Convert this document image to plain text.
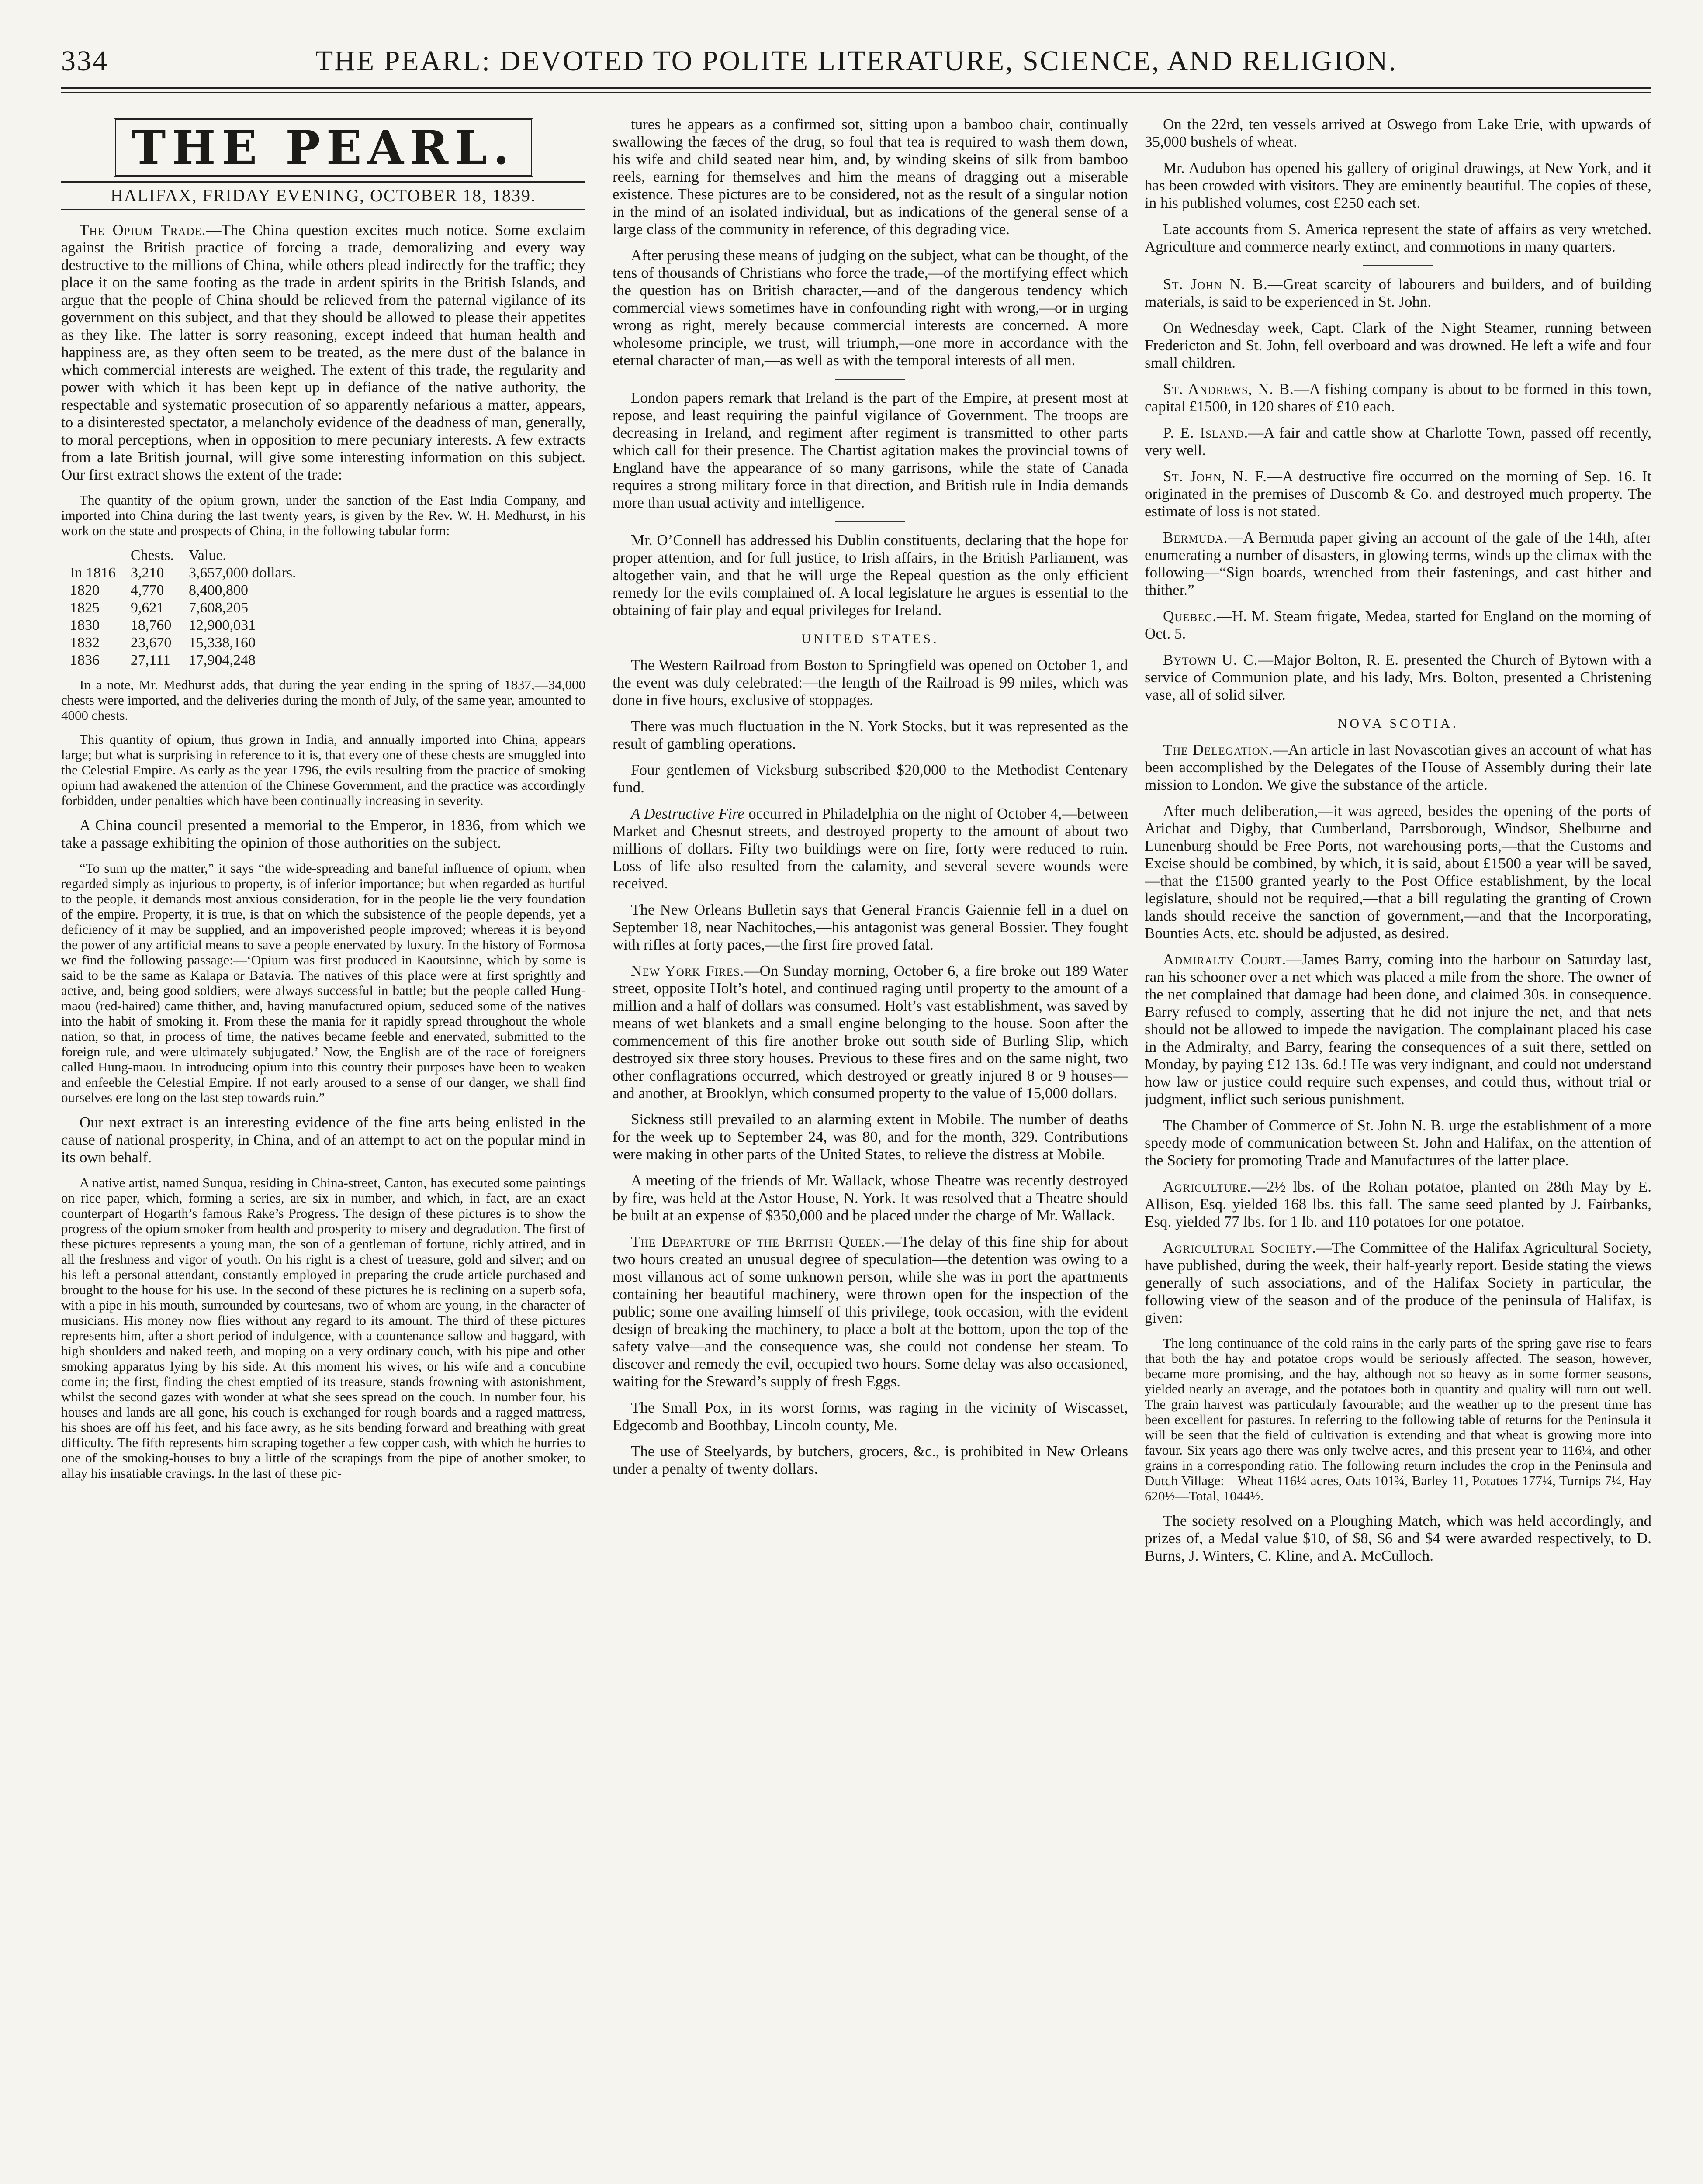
334	THE PEARL: DEVOTED TO POLITE LITERATURE, SCIENCE, AND RELIGION.
THE PEARL.
HALIFAX, FRIDAY EVENING, OCTOBER 18, 1839.

The Opium Trade.—The China question excites much notice. Some exclaim against the British practice of forcing a trade, demoralizing and every way destructive to the millions of China, while others plead indirectly for the traffic; they place it on the same footing as the trade in ardent spirits in the British Islands, and argue that the people of China should be relieved from the paternal vigilance of its government on this subject, and that they should be allowed to please their appetites as they like. The latter is sorry reasoning, except indeed that human health and happiness are, as they often seem to be treated, as the mere dust of the balance in which commercial interests are weighed. The extent of this trade, the regularity and power with which it has been kept up in defiance of the native authority, the respectable and systematic prosecution of so apparently nefarious a matter, appears, to a disinterested spectator, a melancholy evidence of the deadness of man, generally, to moral perceptions, when in opposition to mere pecuniary interests. A few extracts from a late British journal, will give some interesting information on this subject. Our first extract shows the extent of the trade:

The quantity of the opium grown, under the sanction of the East India Company, and imported into China during the last twenty years, is given by the Rev. W. H. Medhurst, in his work on the state and prospects of China, in the following tabular form:—

	Chests.	Value.
In 1816	3,210	3,657,000 dollars.
1820	4,770	8,400,800
1825	9,621	7,608,205
1830	18,760	12,900,031
1832	23,670	15,338,160
1836	27,111	17,904,248

In a note, Mr. Medhurst adds, that during the year ending in the spring of 1837,—34,000 chests were imported, and the deliveries during the month of July, of the same year, amounted to 4000 chests.

This quantity of opium, thus grown in India, and annually imported into China, appears large; but what is surprising in reference to it is, that every one of these chests are smuggled into the Celestial Empire. As early as the year 1796, the evils resulting from the practice of smoking opium had awakened the attention of the Chinese Government, and the practice was accordingly forbidden, under penalties which have been continually increasing in severity.

A China council presented a memorial to the Emperor, in 1836, from which we take a passage exhibiting the opinion of those authorities on the subject.

“To sum up the matter,” it says “the wide-spreading and baneful influence of opium, when regarded simply as injurious to property, is of inferior importance; but when regarded as hurtful to the people, it demands most anxious consideration, for in the people lie the very foundation of the empire. Property, it is true, is that on which the subsistence of the people depends, yet a deficiency of it may be supplied, and an impoverished people improved; whereas it is beyond the power of any artificial means to save a people enervated by luxury. In the history of Formosa we find the following passage:—‘Opium was first produced in Kaoutsinne, which by some is said to be the same as Kalapa or Batavia. The natives of this place were at first sprightly and active, and, being good soldiers, were always successful in battle; but the people called Hung-maou (red-haired) came thither, and, having manufactured opium, seduced some of the natives into the habit of smoking it. From these the mania for it rapidly spread throughout the whole nation, so that, in process of time, the natives became feeble and enervated, submitted to the foreign rule, and were ultimately subjugated.’ Now, the English are of the race of foreigners called Hung-maou. In introducing opium into this country their purposes have been to weaken and enfeeble the Celestial Empire. If not early aroused to a sense of our danger, we shall find ourselves ere long on the last step towards ruin.”

Our next extract is an interesting evidence of the fine arts being enlisted in the cause of national prosperity, in China, and of an attempt to act on the popular mind in its own behalf.

A native artist, named Sunqua, residing in China-street, Canton, has executed some paintings on rice paper, which, forming a series, are six in number, and which, in fact, are an exact counterpart of Hogarth’s famous Rake’s Progress. The design of these pictures is to show the progress of the opium smoker from health and prosperity to misery and degradation. The first of these pictures represents a young man, the son of a gentleman of fortune, richly attired, and in all the freshness and vigor of youth. On his right is a chest of treasure, gold and silver; and on his left a personal attendant, constantly employed in preparing the crude article purchased and brought to the house for his use. In the second of these pictures he is reclining on a superb sofa, with a pipe in his mouth, surrounded by courtesans, two of whom are young, in the character of musicians. His money now flies without any regard to its amount. The third of these pictures represents him, after a short period of indulgence, with a countenance sallow and haggard, with high shoulders and naked teeth, and moping on a very ordinary couch, with his pipe and other smoking apparatus lying by his side. At this moment his wives, or his wife and a concubine come in; the first, finding the chest emptied of its treasure, stands frowning with astonishment, whilst the second gazes with wonder at what she sees spread on the couch. In number four, his houses and lands are all gone, his couch is exchanged for rough boards and a ragged mattress, his shoes are off his feet, and his face awry, as he sits bending forward and breathing with great difficulty. The fifth represents him scraping together a few copper cash, with which he hurries to one of the smoking-houses to buy a little of the scrapings from the pipe of another smoker, to allay his insatiable cravings. In the last of these pic-

tures he appears as a confirmed sot, sitting upon a bamboo chair, continually swallowing the fæces of the drug, so foul that tea is required to wash them down, his wife and child seated near him, and, by winding skeins of silk from bamboo reels, earning for themselves and him the means of dragging out a miserable existence. These pictures are to be considered, not as the result of a singular notion in the mind of an isolated individual, but as indications of the general sense of a large class of the community in reference, of this degrading vice.

After perusing these means of judging on the subject, what can be thought, of the tens of thousands of Christians who force the trade,—of the mortifying effect which the question has on British character,—and of the dangerous tendency which commercial views sometimes have in confounding right with wrong,—or in urging wrong as right, merely because commercial interests are concerned. A more wholesome principle, we trust, will triumph,—one more in accordance with the eternal character of man,—as well as with the temporal interests of all men.

London papers remark that Ireland is the part of the Empire, at present most at repose, and least requiring the painful vigilance of Government. The troops are decreasing in Ireland, and regiment after regiment is transmitted to other parts which call for their presence. The Chartist agitation makes the provincial towns of England have the appearance of so many garrisons, while the state of Canada requires a strong military force in that direction, and British rule in India demands more than usual activity and intelligence.

Mr. O’Connell has addressed his Dublin constituents, declaring that the hope for proper attention, and for full justice, to Irish affairs, in the British Parliament, was altogether vain, and that he will urge the Repeal question as the only efficient remedy for the evils complained of. A local legislature he argues is essential to the obtaining of fair play and equal privileges for Ireland.

UNITED STATES.

The Western Railroad from Boston to Springfield was opened on October 1, and the event was duly celebrated:—the length of the Railroad is 99 miles, which was done in five hours, exclusive of stoppages.

There was much fluctuation in the N. York Stocks, but it was represented as the result of gambling operations.

Four gentlemen of Vicksburg subscribed $20,000 to the Methodist Centenary fund.

A Destructive Fire occurred in Philadelphia on the night of October 4,—between Market and Chesnut streets, and destroyed property to the amount of about two millions of dollars. Fifty two buildings were on fire, forty were reduced to ruin. Loss of life also resulted from the calamity, and several severe wounds were received.

The New Orleans Bulletin says that General Francis Gaiennie fell in a duel on September 18, near Nachitoches,—his antagonist was general Bossier. They fought with rifles at forty paces,—the first fire proved fatal.

New York Fires.—On Sunday morning, October 6, a fire broke out 189 Water street, opposite Holt’s hotel, and continued raging until property to the amount of a million and a half of dollars was consumed. Holt’s vast establishment, was saved by means of wet blankets and a small engine belonging to the house. Soon after the commencement of this fire another broke out south side of Burling Slip, which destroyed six three story houses. Previous to these fires and on the same night, two other conflagrations occurred, which destroyed or greatly injured 8 or 9 houses—and another, at Brooklyn, which consumed property to the value of 15,000 dollars.

Sickness still prevailed to an alarming extent in Mobile. The number of deaths for the week up to September 24, was 80, and for the month, 329. Contributions were making in other parts of the United States, to relieve the distress at Mobile.

A meeting of the friends of Mr. Wallack, whose Theatre was recently destroyed by fire, was held at the Astor House, N. York. It was resolved that a Theatre should be built at an expense of $350,000 and be placed under the charge of Mr. Wallack.

The Departure of the British Queen.—The delay of this fine ship for about two hours created an unusual degree of speculation—the detention was owing to a most villanous act of some unknown person, while she was in port the apartments containing her beautiful machinery, were thrown open for the inspection of the public; some one availing himself of this privilege, took occasion, with the evident design of breaking the machinery, to place a bolt at the bottom, upon the top of the safety valve—and the consequence was, she could not condense her steam. To discover and remedy the evil, occupied two hours. Some delay was also occasioned, waiting for the Steward’s supply of fresh Eggs.

The Small Pox, in its worst forms, was raging in the vicinity of Wiscasset, Edgecomb and Boothbay, Lincoln county, Me.

The use of Steelyards, by butchers, grocers, &c., is prohibited in New Orleans under a penalty of twenty dollars.

On the 22rd, ten vessels arrived at Oswego from Lake Erie, with upwards of 35,000 bushels of wheat.

Mr. Audubon has opened his gallery of original drawings, at New York, and it has been crowded with visitors. They are eminently beautiful. The copies of these, in his published volumes, cost £250 each set.

Late accounts from S. America represent the state of affairs as very wretched. Agriculture and commerce nearly extinct, and commotions in many quarters.

St. John N. B.—Great scarcity of labourers and builders, and of building materials, is said to be experienced in St. John.

On Wednesday week, Capt. Clark of the Night Steamer, running between Fredericton and St. John, fell overboard and was drowned. He left a wife and four small children.

St. Andrews, N. B.—A fishing company is about to be formed in this town, capital £1500, in 120 shares of £10 each.

P. E. Island.—A fair and cattle show at Charlotte Town, passed off recently, very well.

St. John, N. F.—A destructive fire occurred on the morning of Sep. 16. It originated in the premises of Duscomb & Co. and destroyed much property. The estimate of loss is not stated.

Bermuda.—A Bermuda paper giving an account of the gale of the 14th, after enumerating a number of disasters, in glowing terms, winds up the climax with the following—“Sign boards, wrenched from their fastenings, and cast hither and thither.”

Quebec.—H. M. Steam frigate, Medea, started for England on the morning of Oct. 5.

Bytown U. C.—Major Bolton, R. E. presented the Church of Bytown with a service of Communion plate, and his lady, Mrs. Bolton, presented a Christening vase, all of solid silver.

NOVA SCOTIA.

The Delegation.—An article in last Novascotian gives an account of what has been accomplished by the Delegates of the House of Assembly during their late mission to London. We give the substance of the article.

After much deliberation,—it was agreed, besides the opening of the ports of Arichat and Digby, that Cumberland, Parrsborough, Windsor, Shelburne and Lunenburg should be Free Ports, not warehousing ports,—that the Customs and Excise should be combined, by which, it is said, about £1500 a year will be saved,—that the £1500 granted yearly to the Post Office establishment, by the local legislature, should not be required,—that a bill regulating the granting of Crown lands should receive the sanction of government,—and that the Incorporating, Bounties Acts, etc. should be adjusted, as desired.

Admiralty Court.—James Barry, coming into the harbour on Saturday last, ran his schooner over a net which was placed a mile from the shore. The owner of the net complained that damage had been done, and claimed 30s. in consequence. Barry refused to comply, asserting that he did not injure the net, and that nets should not be allowed to impede the navigation. The complainant placed his case in the Admiralty, and Barry, fearing the consequences of a suit there, settled on Monday, by paying £12 13s. 6d.! He was very indignant, and could not understand how law or justice could require such expenses, and could thus, without trial or judgment, inflict such serious punishment.

The Chamber of Commerce of St. John N. B. urge the establishment of a more speedy mode of communication between St. John and Halifax, on the attention of the Society for promoting Trade and Manufactures of the latter place.

Agriculture.—2½ lbs. of the Rohan potatoe, planted on 28th May by E. Allison, Esq. yielded 168 lbs. this fall. The same seed planted by J. Fairbanks, Esq. yielded 77 lbs. for 1 lb. and 110 potatoes for one potatoe.

Agricultural Society.—The Committee of the Halifax Agricultural Society, have published, during the week, their half-yearly report. Beside stating the views generally of such associations, and of the Halifax Society in particular, the following view of the season and of the produce of the peninsula of Halifax, is given:

The long continuance of the cold rains in the early parts of the spring gave rise to fears that both the hay and potatoe crops would be seriously affected. The season, however, became more promising, and the hay, although not so heavy as in some former seasons, yielded nearly an average, and the potatoes both in quantity and quality will turn out well. The grain harvest was particularly favourable; and the weather up to the present time has been excellent for pastures. In referring to the following table of returns for the Peninsula it will be seen that the field of cultivation is extending and that wheat is growing more into favour. Six years ago there was only twelve acres, and this present year to 116¼, and other grains in a corresponding ratio. The following return includes the crop in the Peninsula and Dutch Village:—Wheat 116¼ acres, Oats 101¾, Barley 11, Potatoes 177¼, Turnips 7¼, Hay 620½—Total, 1044½.

The society resolved on a Ploughing Match, which was held accordingly, and prizes of, a Medal value $10, of $8, $6 and $4 were awarded respectively, to D. Burns, J. Winters, C. Kline, and A. McCulloch.
